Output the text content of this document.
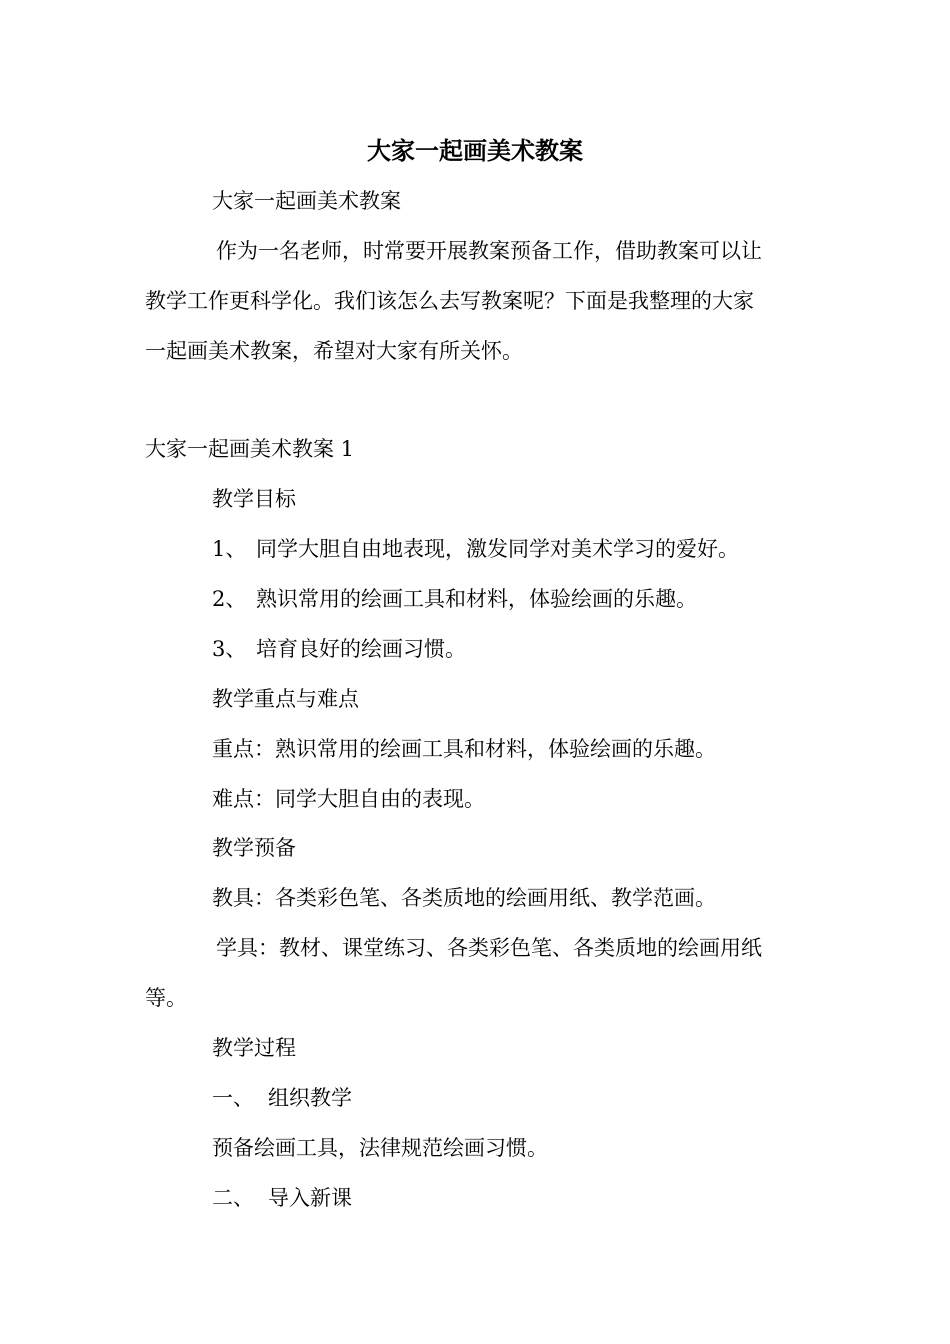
大家一起画美术教案
大家一起画美术教案
作为一名老师，时常要开展教案预备工作，借助教案可以让
教学工作更科学化。我们该怎么去写教案呢？下面是我整理的大家
一起画美术教案，希望对大家有所关怀。
大家一起画美术教案 1
教学目标
1、 同学大胆自由地表现，激发同学对美术学习的爱好。
2、 熟识常用的绘画工具和材料，体验绘画的乐趣。
3、 培育良好的绘画习惯。
教学重点与难点
重点：熟识常用的绘画工具和材料，体验绘画的乐趣。
难点：同学大胆自由的表现。
教学预备
教具：各类彩色笔、各类质地的绘画用纸、教学范画。
学具：教材、课堂练习、各类彩色笔、各类质地的绘画用纸
等。
教学过程
一、 组织教学
预备绘画工具，法律规范绘画习惯。
二、 导入新课
